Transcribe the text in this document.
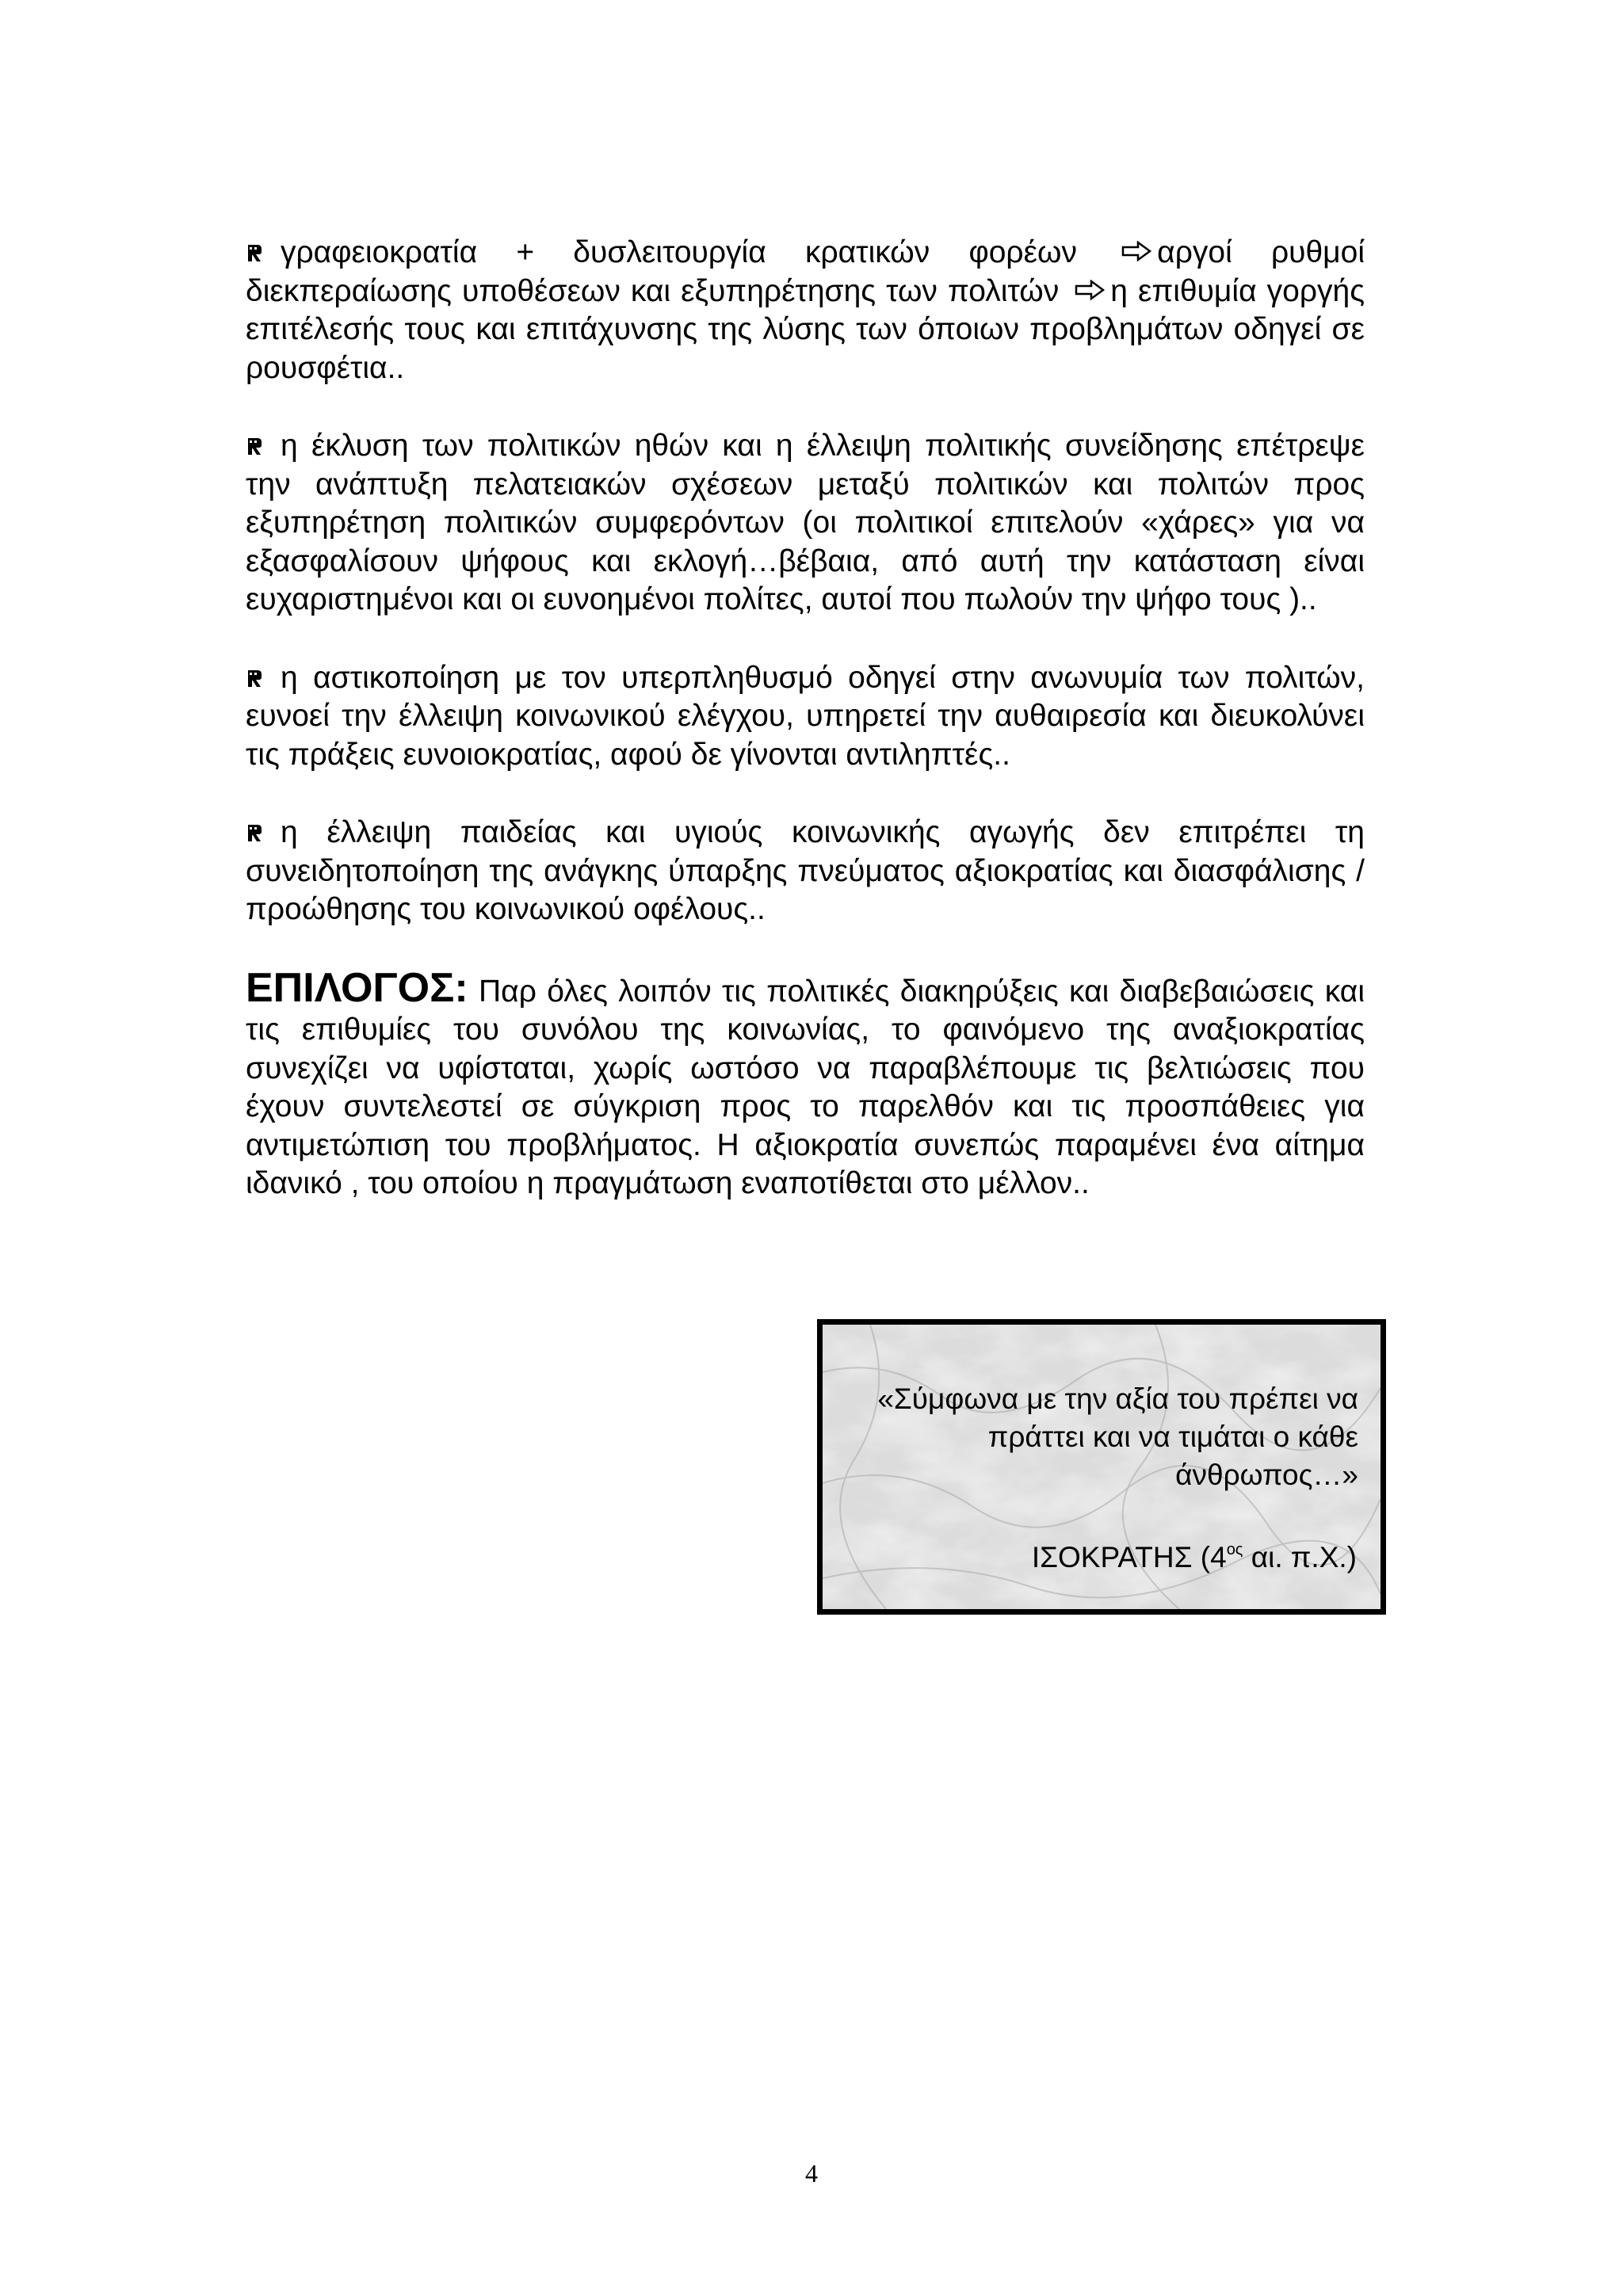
γραφειοκρατία + δυσλειτουργία κρατικών φορέων	αργοί ρυθμοί διεκπεραίωσης υποθέσεων και εξυπηρέτησης των πολιτών η επιθυμία γοργής επιτέλεσής τους και επιτάχυνσης της λύσης των όποιων προβλημάτων οδηγεί σε ρουσφέτια..

η έκλυση των πολιτικών ηθών και η έλλειψη πολιτικής συνείδησης επέτρεψε την ανάπτυξη πελατειακών σχέσεων μεταξύ πολιτικών και πολιτών προς εξυπηρέτηση πολιτικών συμφερόντων (οι πολιτικοί επιτελούν «χάρες» για να εξασφαλίσουν ψήφους και εκλογή…βέβαια, από αυτή την κατάσταση είναι ευχαριστημένοι και οι ευνοημένοι πολίτες, αυτοί που πωλούν την ψήφο τους )..

η αστικοποίηση με τον υπερπληθυσμό οδηγεί στην ανωνυμία των πολιτών, ευνοεί την έλλειψη κοινωνικού ελέγχου, υπηρετεί την αυθαιρεσία και διευκολύνει τις πράξεις ευνοιοκρατίας, αφού δε γίνονται αντιληπτές..

η έλλειψη παιδείας και υγιούς κοινωνικής αγωγής δεν επιτρέπει τη συνειδητοποίηση της ανάγκης ύπαρξης πνεύματος αξιοκρατίας και διασφάλισης / προώθησης του κοινωνικού οφέλους..

ΕΠΙΛΟΓΟΣ: Παρ όλες λοιπόν τις πολιτικές διακηρύξεις και διαβεβαιώσεις και τις επιθυμίες του συνόλου της κοινωνίας, το φαινόμενο της αναξιοκρατίας συνεχίζει να υφίσταται, χωρίς ωστόσο να παραβλέπουμε τις βελτιώσεις που έχουν συντελεστεί σε σύγκριση προς το παρελθόν και τις προσπάθειες για αντιμετώπιση του προβλήματος. Η αξιοκρατία συνεπώς παραμένει ένα αίτημα ιδανικό , του οποίου η πραγμάτωση εναποτίθεται στο μέλλον..

«Σύμφωνα με την αξία του πρέπει να πράττει και να τιμάται ο κάθε άνθρωπος…»
ΙΣΟΚΡΑΤΗΣ ($4^{o\varsigma}$ αι. π.Χ.)
4
